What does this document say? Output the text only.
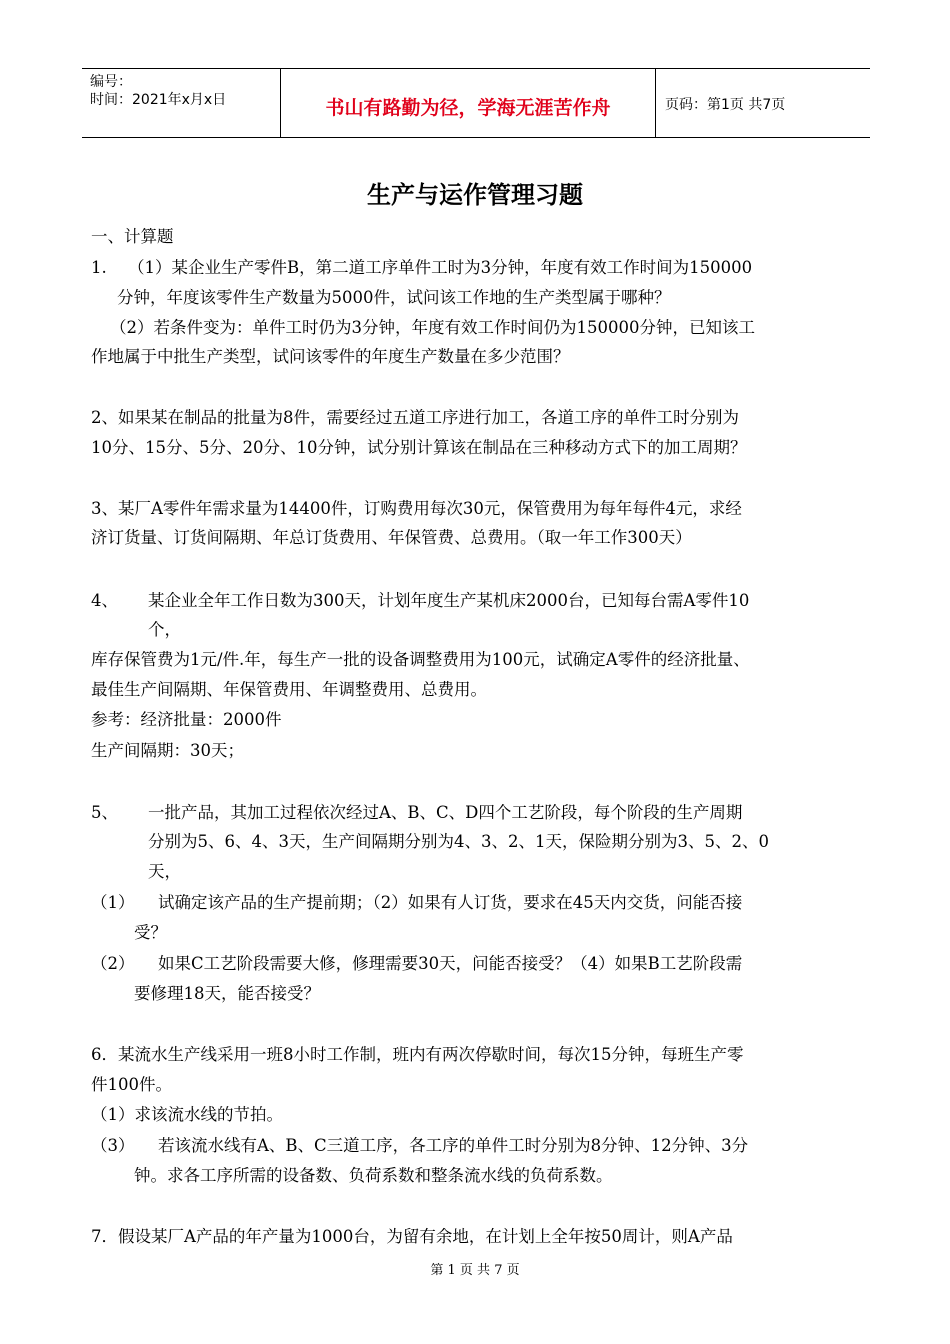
编号：
时间：2021年x月x日	书山有路勤为径，学海无涯苦作舟	页码：第1页 共7页
生产与运作管理习题
一、计算题
1. （1）某企业生产零件B，第二道工序单件工时为3分钟，年度有效工作时间为150000
分钟，年度该零件生产数量为5000件，试问该工作地的生产类型属于哪种？
（2）若条件变为：单件工时仍为3分钟，年度有效工作时间仍为150000分钟，已知该工
作地属于中批生产类型，试问该零件的年度生产数量在多少范围？
2、如果某在制品的批量为8件，需要经过五道工序进行加工，各道工序的单件工时分别为
10分、15分、5分、20分、10分钟，试分别计算该在制品在三种移动方式下的加工周期？
3、某厂A零件年需求量为14400件，订购费用每次30元，保管费用为每年每件4元，求经
济订货量、订货间隔期、年总订货费用、年保管费、总费用。（取一年工作300天）
4、 某企业全年工作日数为300天，计划年度生产某机床2000台，已知每台需A零件10
个，
库存保管费为1元/件.年，每生产一批的设备调整费用为100元，试确定A零件的经济批量、
最佳生产间隔期、年保管费用、年调整费用、总费用。
参考：经济批量：2000件
生产间隔期：30天；
5、 一批产品，其加工过程依次经过A、B、C、D四个工艺阶段，每个阶段的生产周期
分别为5、6、4、3天，生产间隔期分别为4、3、2、1天，保险期分别为3、5、2、0
天，
（1） 试确定该产品的生产提前期；（2）如果有人订货，要求在45天内交货，问能否接
受？
（2） 如果C工艺阶段需要大修，修理需要30天，问能否接受？（4）如果B工艺阶段需
要修理18天，能否接受？
6．某流水生产线采用一班8小时工作制，班内有两次停歇时间，每次15分钟，每班生产零
件100件。
（1）求该流水线的节拍。
（3） 若该流水线有A、B、C三道工序，各工序的单件工时分别为8分钟、12分钟、3分
钟。求各工序所需的设备数、负荷系数和整条流水线的负荷系数。
7．假设某厂A产品的年产量为1000台，为留有余地，在计划上全年按50周计，则A产品
第 1 页 共 7 页
